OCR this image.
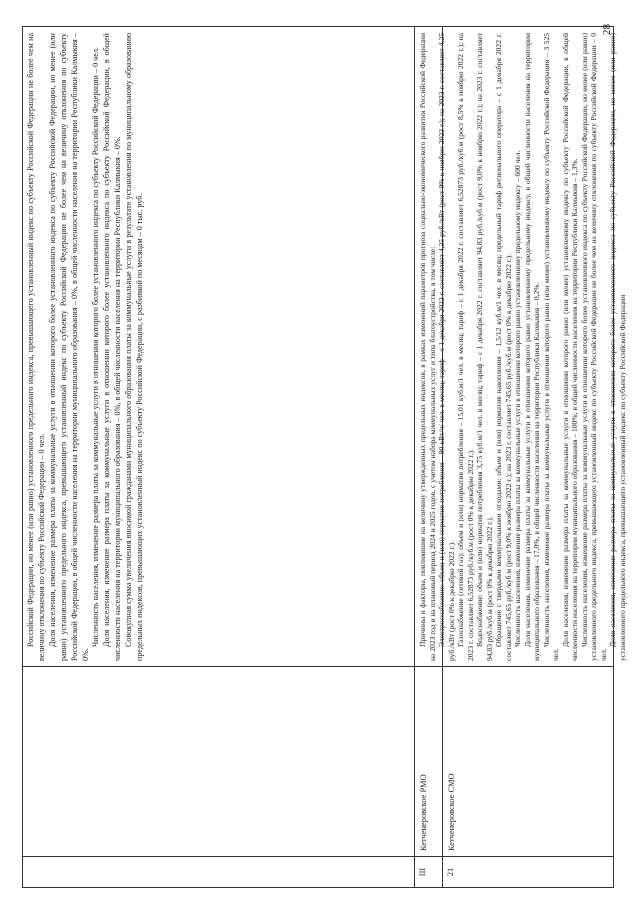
Российской Федерации, но менее (или равно) установленного предельного индекса, превышающего установленный индекс по субъекту Российской Федерации не более чем на величину отклонения по субъекту Российской Федерации – 0 чел. Доля населения, изменение размера платы за коммунальные услуги в отношении которого более установленного индекса по субъекту Российской Федерации, но менее (или равно) установленного предельного индекса, превышающего установленный индекс по субъекту Российской Федерации не более чем на величину отклонения по субъекту Российской Федерации, в общей численности населения на территории муниципального образования – 0%, в общей численности населения на территории Республики Калмыкия – 0%.

Численность населения, изменение размера платы за коммунальные услуги в отношении которого более установленного индекса по субъекту Российской Федерации – 0 чел. Доля населения, изменение размера платы за коммунальные услуги в отношении которого более установленного индекса по субъекту Российской Федерации, в общей численности населения на территории муниципального образования – 0%, в общей численности населения на территории Республики Калмыкия – 0%. Совокупная сумма увеличения вносимой гражданами муниципального образования платы за коммунальные услуги в результате установления по муниципальному образованию предельных индексов, превышающих установленный индекс по субъекту Российской Федерации, с разбивкой по месяцам – 0 тыс. руб.

III
Кетченеровское РМО
21
Кетченеровское СМО

Причины и факторы, повлиявшие на величину утвержденных предельных индексов, в рамках изменений параметров прогноза социально-экономического развития Российской Федерации на 2023 год и на плановый период 2024 и 2025 годов, с учетом набора коммунальных услуг и типа благоустройства, в том числе: Электроснабжение: объем и (или) норматив потребления – 90 кВт/ч/ чел. в месяц; тариф – с 1 декабря 2022 г. составляет 4,25 руб./кВт (рост 9% к ноябрю 2022 г.); на 2023 г. составляет 4,25 руб./кВт (рост 0% к декабрю 2022 г.). Газоснабжение (сетевой газ): объем и (или) норматив потребления – 15,01 куб.м/1 чел. в месяц; тариф – с 1 декабря 2022 г. составляет 6,52873 руб./куб.м (рост 8,5% к ноябрю 2022 г.); на 2023 г. составляет 6,52873 руб./куб.м (рост 0% к декабрю 2022 г.). Водоснабжение: объем и (или) норматив потребления 3,75 куб.м/1 чел. в месяц; тариф – с 1 декабря 2022 г. составляет 94,83 руб./куб.м (рост 9,0% к ноябрю 2022 г.); на 2023 г. составляет 94,83 руб./куб.м (рост 0% к декабрю 2022 г.). Обращение с твердыми коммунальными отходами: объем и (или) норматив накопления – 1,5/12 куб.м/1 чел. в месяц; предельный тариф регионального оператора – с 1 декабря 2022 г. составляет 745,65 руб./куб.м (рост 9,0% к ноябрю 2022 г.); на 2023 г. составляет 745,65 руб./куб.м (рост 0% к декабрю 2022 г.). Численность населения, изменение размера платы за коммунальные услуги в отношении которого равно установленному предельному индексу – 600 чел. Доля населения, изменение размера платы за коммунальные услуги в отношении которого равно установленному предельному индексу, в общей численности населения на территории муниципального образования – 17,0%, в общей численности населения на территории Республики Калмыкия – 0,2%. Численность населения, изменение размера платы за коммунальные услуги в отношении которого равно (или менее) установленному индексу по субъекту Российской Федерации – 3 525 чел.

Доля населения, изменение размера платы за коммунальные услуги в отношении которого равно (или менее) установленному индексу по субъекту Российской Федерации, в общей численности населения на территории муниципального образования – 100%; в общей численности населения на территории Республики Калмыкия – 1,3%. Численность населения, изменение размера платы за коммунальные услуги в отношении которого более установленного индекса по субъекту Российской Федерации, но менее (или равно) установленного предельного индекса, превышающего установленный индекс по субъекту Российской Федерации не более чем на величину отклонения по субъекту Российской Федерации – 0 чел.

Доля населения, изменение размера платы за коммунальные услуги в отношении которого более установленного индекса по субъекту Российской Федерации, но менее (или равно) установленного предельного индекса, превышающего установленный индекс по субъекту Российской Федерации

28
